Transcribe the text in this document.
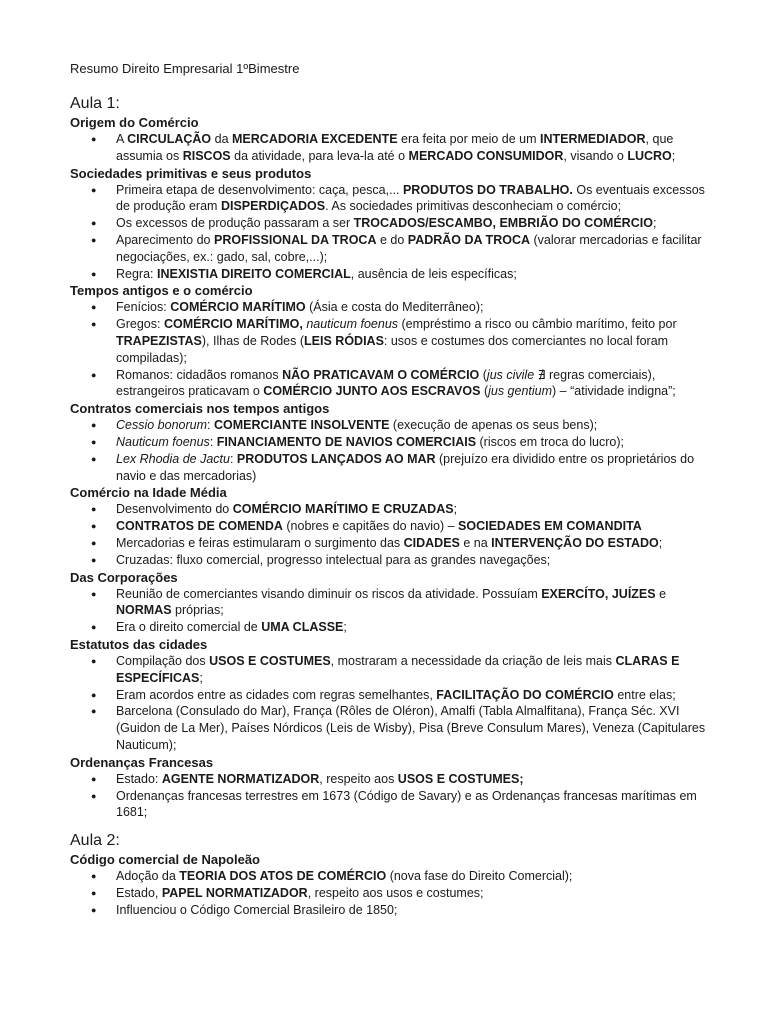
Resumo Direito Empresarial 1ºBimestre
Aula 1:
Origem do Comércio
● A CIRCULAÇÃO da MERCADORIA EXCEDENTE era feita por meio de um INTERMEDIADOR, que assumia os RISCOS da atividade, para leva-la até o MERCADO CONSUMIDOR, visando o LUCRO;
Sociedades primitivas e seus produtos
● Primeira etapa de desenvolvimento: caça, pesca,... PRODUTOS DO TRABALHO. Os eventuais excessos de produção eram DISPERDIÇADOS. As sociedades primitivas desconheciam o comércio;
● Os excessos de produção passaram a ser TROCADOS/ESCAMBO, EMBRIÃO DO COMÉRCIO;
● Aparecimento do PROFISSIONAL DA TROCA e do PADRÃO DA TROCA (valorar mercadorias e facilitar negociações, ex.: gado, sal, cobre,...);
● Regra: INEXISTIA DIREITO COMERCIAL, ausência de leis específicas;
Tempos antigos e o comércio
● Fenícios: COMÉRCIO MARÍTIMO (Ásia e costa do Mediterrâneo);
● Gregos: COMÉRCIO MARÍTIMO, nauticum foenus (empréstimo a risco ou câmbio marítimo, feito por TRAPEZISTAS), Ilhas de Rodes (LEIS RÓDIAS: usos e costumes dos comerciantes no local foram compiladas);
● Romanos: cidadãos romanos NÃO PRATICAVAM O COMÉRCIO (jus civile ∄ regras comerciais), estrangeiros praticavam o COMÉRCIO JUNTO AOS ESCRAVOS (jus gentium) – “atividade indigna”;
Contratos comerciais nos tempos antigos
● Cessio bonorum: COMERCIANTE INSOLVENTE (execução de apenas os seus bens);
● Nauticum foenus: FINANCIAMENTO DE NAVIOS COMERCIAIS (riscos em troca do lucro);
● Lex Rhodia de Jactu: PRODUTOS LANÇADOS AO MAR (prejuízo era dividido entre os proprietários do navio e das mercadorias)
Comércio na Idade Média
● Desenvolvimento do COMÉRCIO MARÍTIMO E CRUZADAS;
● CONTRATOS DE COMENDA (nobres e capitães do navio) – SOCIEDADES EM COMANDITA
● Mercadorias e feiras estimularam o surgimento das CIDADES e na INTERVENÇÃO DO ESTADO;
● Cruzadas: fluxo comercial, progresso intelectual para as grandes navegações;
Das Corporações
● Reunião de comerciantes visando diminuir os riscos da atividade. Possuíam EXERCÍTO, JUÍZES e NORMAS próprias;
● Era o direito comercial de UMA CLASSE;
Estatutos das cidades
● Compilação dos USOS E COSTUMES, mostraram a necessidade da criação de leis mais CLARAS E ESPECÍFICAS;
● Eram acordos entre as cidades com regras semelhantes, FACILITAÇÃO DO COMÉRCIO entre elas;
● Barcelona (Consulado do Mar), França (Rôles de Oléron), Amalfi (Tabla Almalfitana), França Séc. XVI (Guidon de La Mer), Países Nórdicos (Leis de Wisby), Pisa (Breve Consulum Mares), Veneza (Capitulares Nauticum);
Ordenanças Francesas
● Estado: AGENTE NORMATIZADOR, respeito aos USOS E COSTUMES;
● Ordenanças francesas terrestres em 1673 (Código de Savary) e as Ordenanças francesas marítimas em 1681;
Aula 2:
Código comercial de Napoleão
● Adoção da TEORIA DOS ATOS DE COMÉRCIO (nova fase do Direito Comercial);
● Estado, PAPEL NORMATIZADOR, respeito aos usos e costumes;
● Influenciou o Código Comercial Brasileiro de 1850;
